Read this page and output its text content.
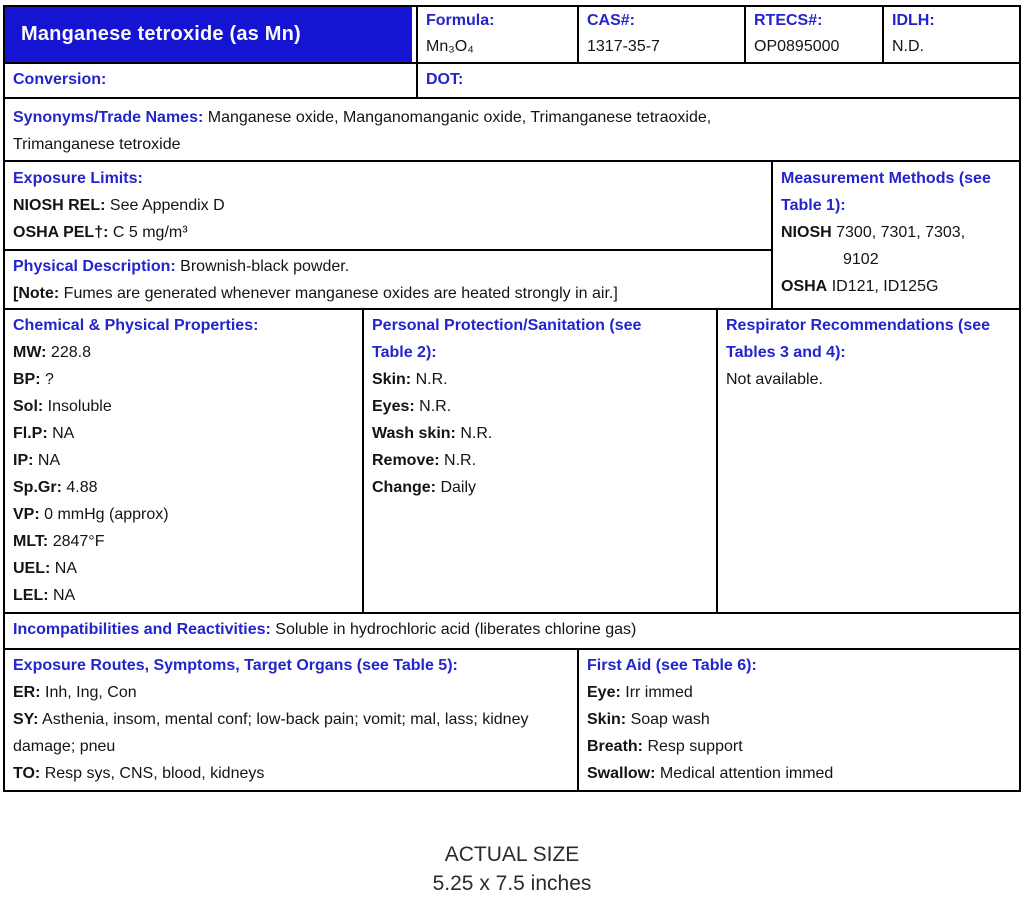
Manganese tetroxide (as Mn)
Formula:
Mn₃O₄
CAS#:
1317-35-7
RTECS#:
OP0895000
IDLH:
N.D.
Conversion:	DOT:

Synonyms/Trade Names: Manganese oxide, Manganomanganic oxide, Trimanganese tetraoxide, Trimanganese tetroxide

Exposure Limits:
NIOSH REL: See Appendix D
OSHA PEL†: C 5 mg/m³
Physical Description: Brownish-black powder.
[Note: Fumes are generated whenever manganese oxides are heated strongly in air.]
Measurement Methods (see Table 1):
NIOSH 7300, 7301, 7303,
9102
OSHA ID121, ID125G
Chemical & Physical Properties:
MW: 228.8
BP: ?
Sol: Insoluble
Fl.P: NA
IP: NA
Sp.Gr: 4.88
VP: 0 mmHg (approx)
MLT: 2847°F
UEL: NA
LEL: NA
Personal Protection/Sanitation (see Table 2):
Skin: N.R.
Eyes: N.R.
Wash skin: N.R.
Remove: N.R.
Change: Daily
Respirator Recommendations (see Tables 3 and 4):
Not available.
Incompatibilities and Reactivities: Soluble in hydrochloric acid (liberates chlorine gas)
Exposure Routes, Symptoms, Target Organs (see Table 5):
ER: Inh, Ing, Con
SY: Asthenia, insom, mental conf; low-back pain; vomit; mal, lass; kidney damage; pneu
TO: Resp sys, CNS, blood, kidneys
First Aid (see Table 6):
Eye: Irr immed
Skin: Soap wash
Breath: Resp support
Swallow: Medical attention immed
ACTUAL SIZE
5.25 x 7.5 inches
